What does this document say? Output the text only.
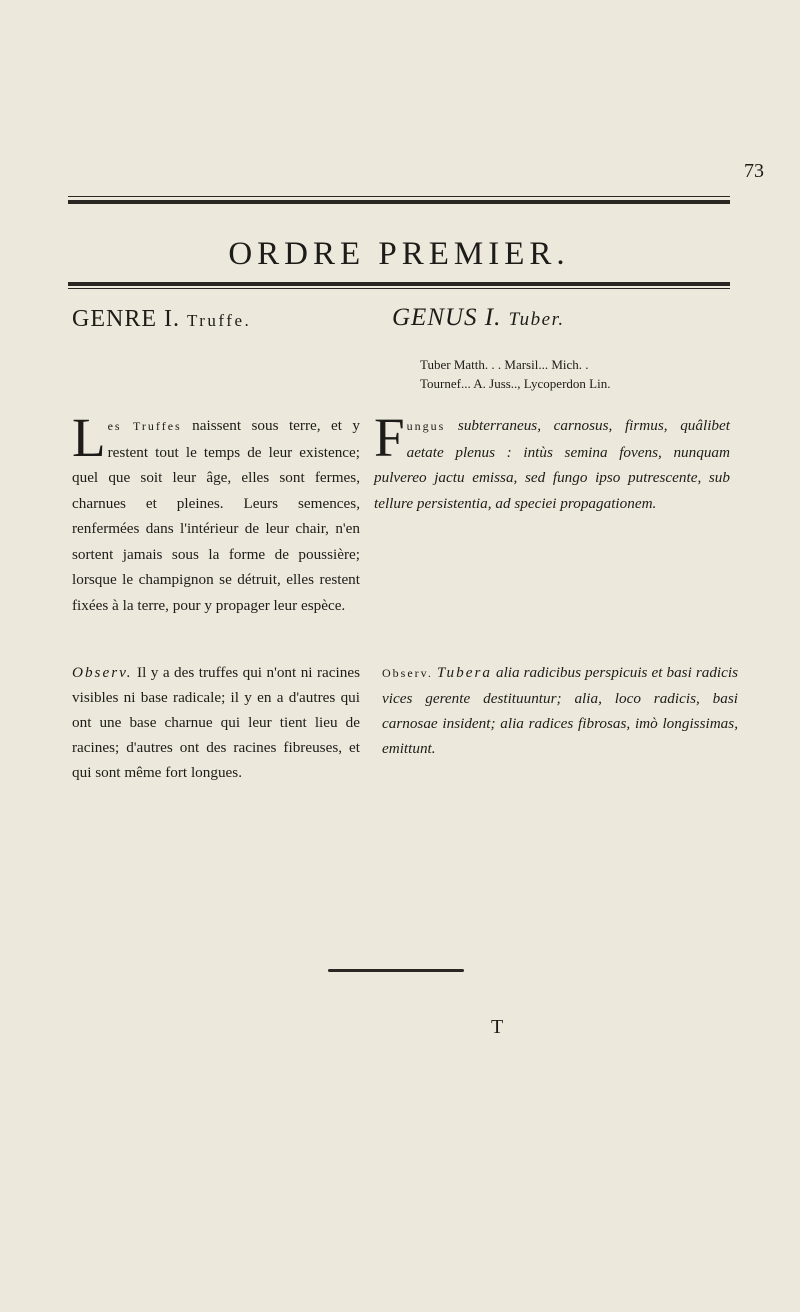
73
ORDRE PREMIER.
GENRE I. Truffe.	GENUS I. Tuber.
Tuber Matth. . . Marsil... Mich. .
Tournef... A. Juss.., Lycoperdon Lin.
Les Truffes naissent sous terre, et y restent tout le temps de leur existence; quel que soit leur âge, elles sont fermes, charnues et pleines. Leurs semences, renfermées dans l'intérieur de leur chair, n'en sortent jamais sous la forme de poussière; lorsque le champignon se détruit, elles restent fixées à la terre, pour y propager leur espèce.
Fungus subterraneus, carnosus, firmus, quâlibet aetate plenus : intùs semina fovens, nunquam pulvereo jactu emissa, sed fungo ipso putrescente, sub tellure persistentia, ad speciei propagationem.
Observ. Il y a des truffes qui n'ont ni racines visibles ni base radicale; il y en a d'autres qui ont une base charnue qui leur tient lieu de racines; d'autres ont des racines fibreuses, et qui sont même fort longues.
Observ. Tubera alia radicibus perspicuis et basi radicis vices gerente destituuntur; alia, loco radicis, basi carnosae insident; alia radices fibrosas, imò longissimas, emittunt.
T
